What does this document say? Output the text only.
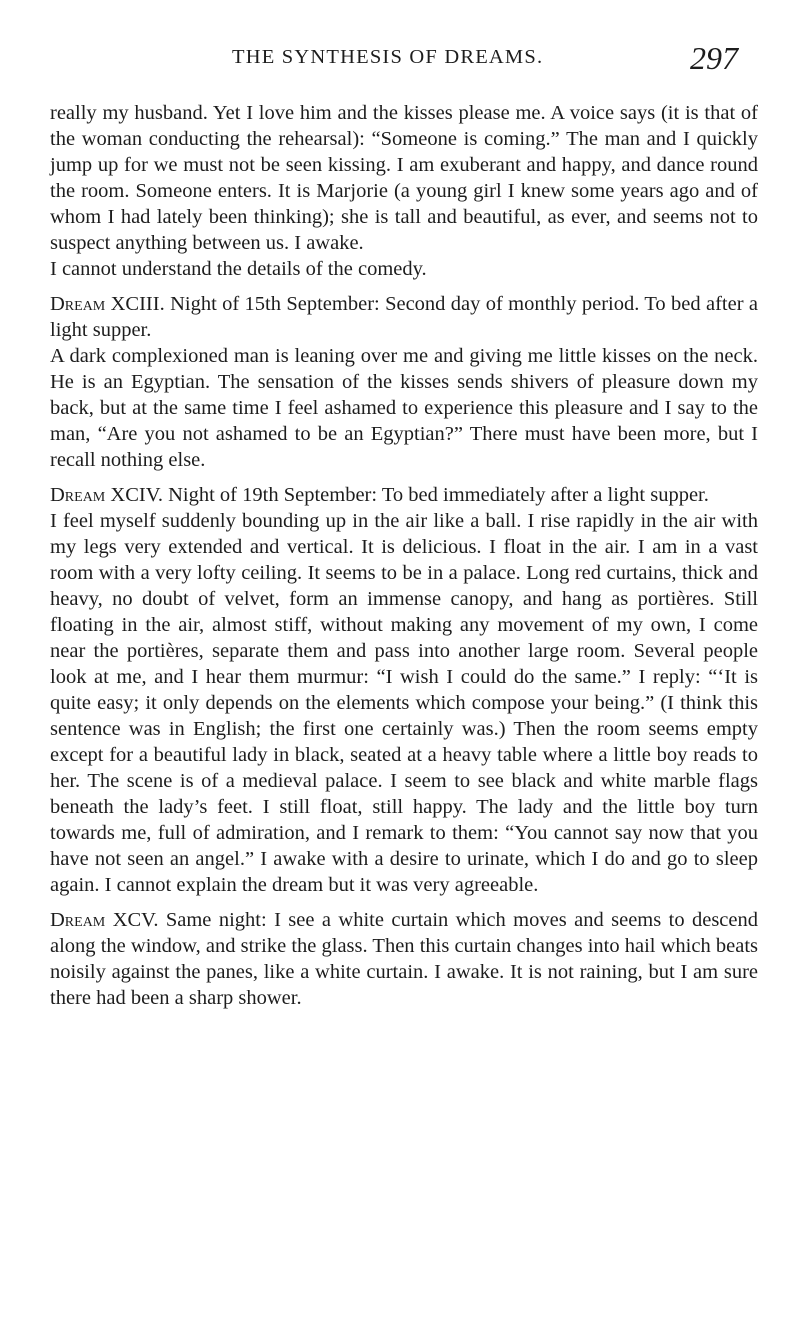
THE SYNTHESIS OF DREAMS.	297

really my husband. Yet I love him and the kisses please me. A voice says (it is that of the woman conducting the rehearsal): “Someone is coming.” The man and I quickly jump up for we must not be seen kissing. I am exuberant and happy, and dance round the room. Someone enters. It is Marjorie (a young girl I knew some years ago and of whom I had lately been thinking); she is tall and beautiful, as ever, and seems not to suspect anything between us. I awake.

I cannot understand the details of the comedy.

Dream XCIII. Night of 15th September: Second day of monthly period. To bed after a light supper.

A dark complexioned man is leaning over me and giving me little kisses on the neck. He is an Egyptian. The sensation of the kisses sends shivers of pleasure down my back, but at the same time I feel ashamed to experience this pleasure and I say to the man, “Are you not ashamed to be an Egyptian?” There must have been more, but I recall nothing else.

Dream XCIV. Night of 19th September: To bed immediately after a light supper.

I feel myself suddenly bounding up in the air like a ball. I rise rapidly in the air with my legs very extended and vertical. It is delicious. I float in the air. I am in a vast room with a very lofty ceiling. It seems to be in a palace. Long red curtains, thick and heavy, no doubt of velvet, form an immense canopy, and hang as portières. Still floating in the air, almost stiff, without making any movement of my own, I come near the portières, separate them and pass into another large room. Several people look at me, and I hear them murmur: “I wish I could do the same.” I reply: “‘It is quite easy; it only depends on the elements which compose your being.” (I think this sentence was in English; the first one certainly was.) Then the room seems empty except for a beautiful lady in black, seated at a heavy table where a little boy reads to her. The scene is of a medieval palace. I seem to see black and white marble flags beneath the lady’s feet. I still float, still happy. The lady and the little boy turn towards me, full of admiration, and I remark to them: “You cannot say now that you have not seen an angel.” I awake with a desire to urinate, which I do and go to sleep again. I cannot explain the dream but it was very agreeable.

Dream XCV. Same night: I see a white curtain which moves and seems to descend along the window, and strike the glass. Then this curtain changes into hail which beats noisily against the panes, like a white curtain. I awake. It is not raining, but I am sure there had been a sharp shower.
